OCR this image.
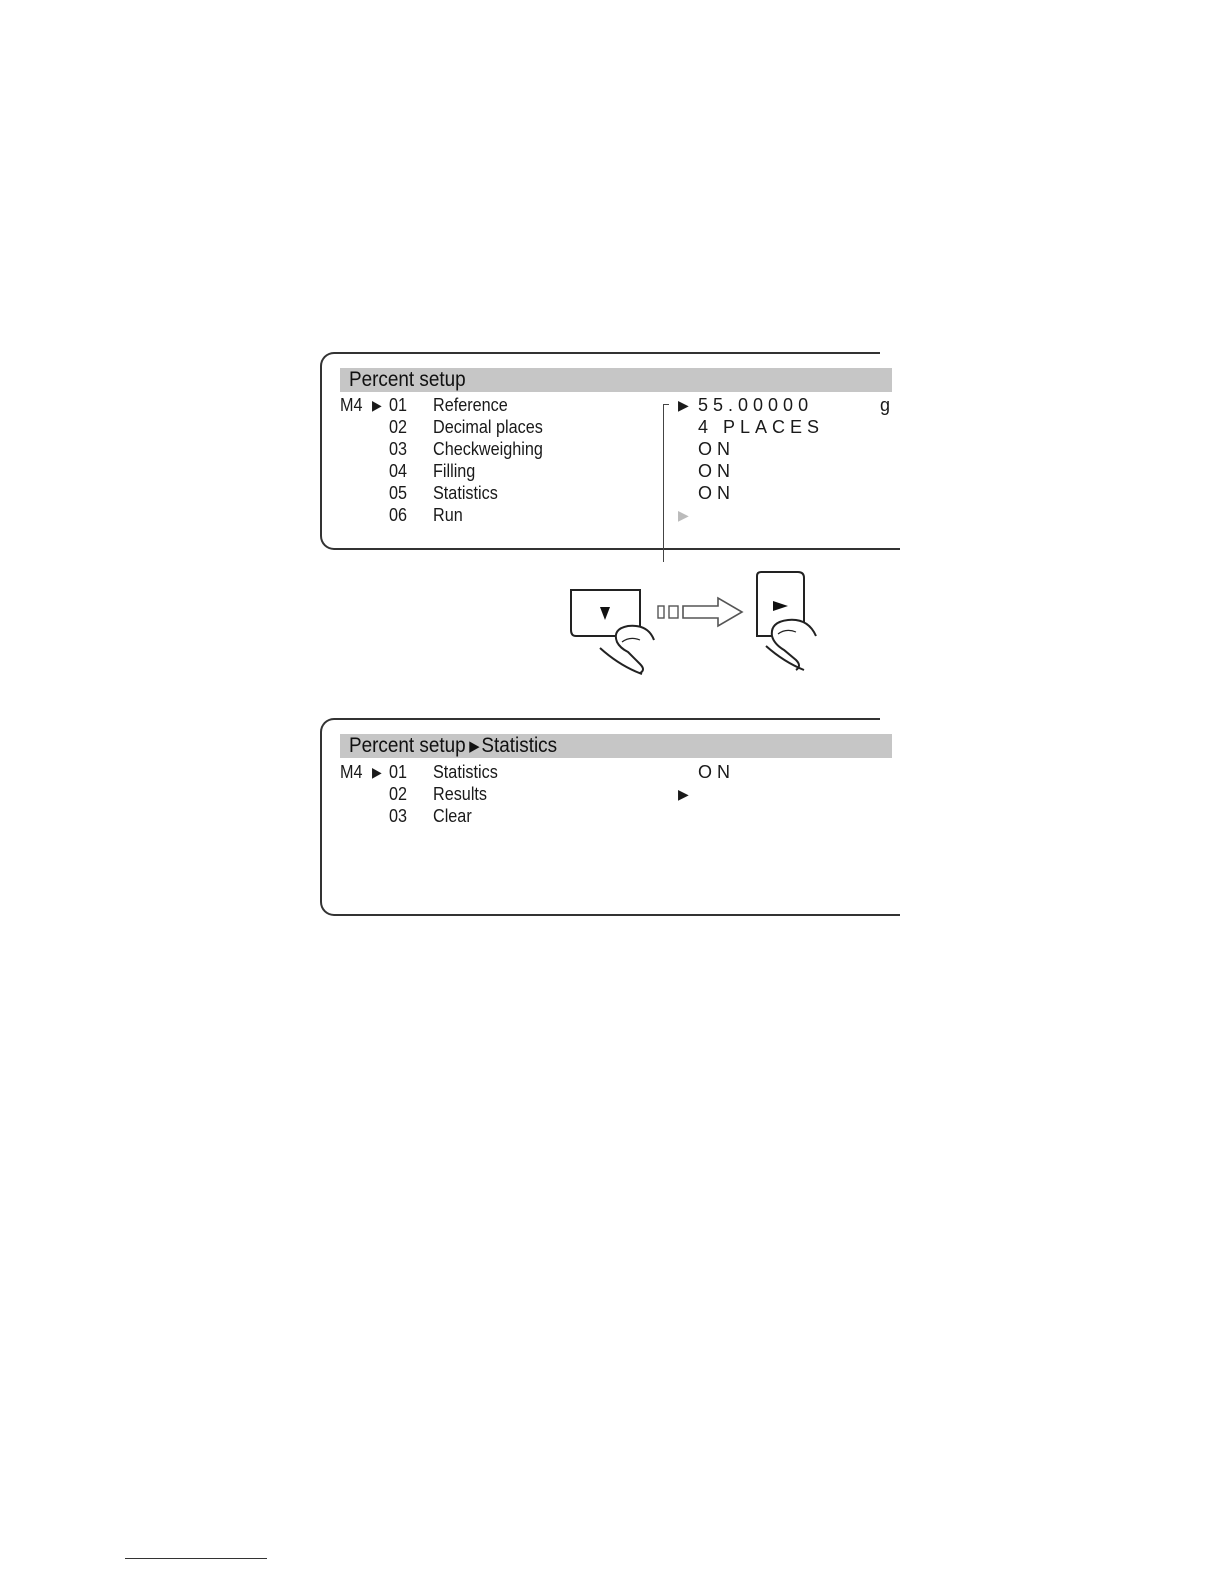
Percent setup
M4 ▶ 01 Reference	▶ 55.00000	g
02 Decimal places	4 PLACES
03 Checkweighing	ON
04 Filling	ON
05 Statistics	ON
06 Run	▶
Percent setup ▶Statistics
M4 ▶ 01 Statistics	ON
02 Results	▶
03 Clear
